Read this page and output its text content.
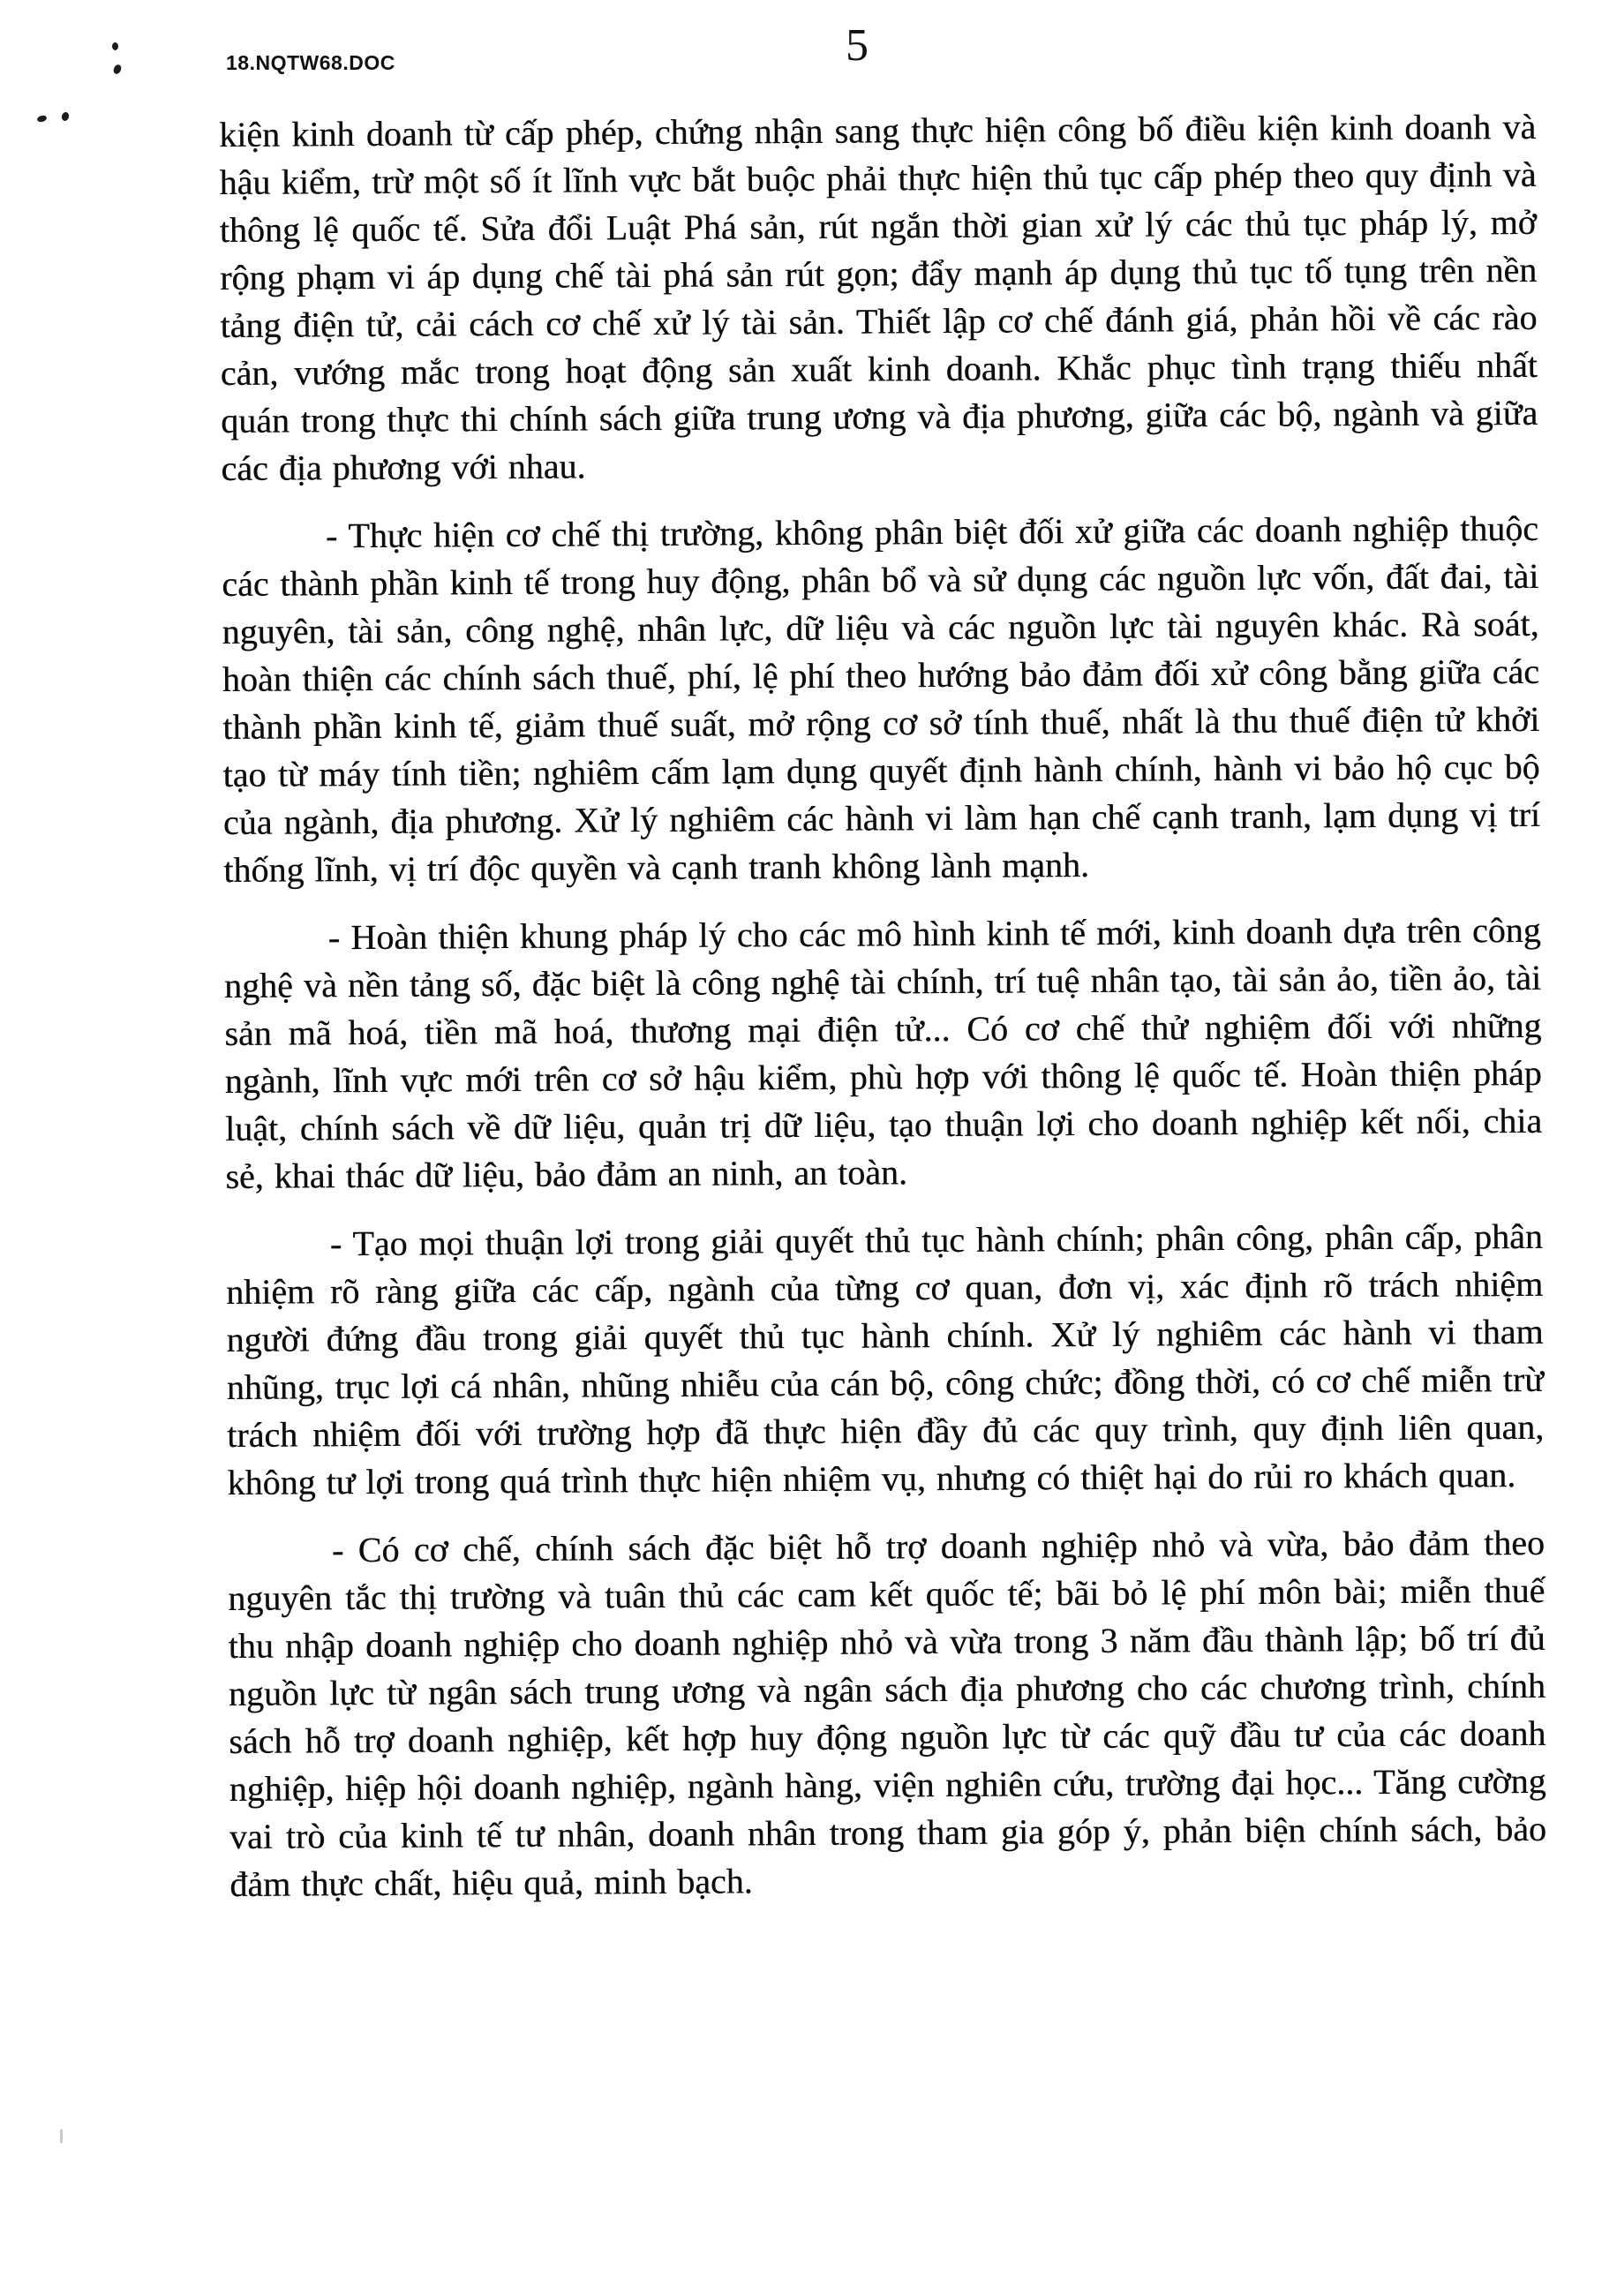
18.NQTW68.DOC	5

kiện kinh doanh từ cấp phép, chứng nhận sang thực hiện công bố điều kiện kinh doanh và hậu kiểm, trừ một số ít lĩnh vực bắt buộc phải thực hiện thủ tục cấp phép theo quy định và thông lệ quốc tế. Sửa đổi Luật Phá sản, rút ngắn thời gian xử lý các thủ tục pháp lý, mở rộng phạm vi áp dụng chế tài phá sản rút gọn; đẩy mạnh áp dụng thủ tục tố tụng trên nền tảng điện tử, cải cách cơ chế xử lý tài sản. Thiết lập cơ chế đánh giá, phản hồi về các rào cản, vướng mắc trong hoạt động sản xuất kinh doanh. Khắc phục tình trạng thiếu nhất quán trong thực thi chính sách giữa trung ương và địa phương, giữa các bộ, ngành và giữa các địa phương với nhau.

- Thực hiện cơ chế thị trường, không phân biệt đối xử giữa các doanh nghiệp thuộc các thành phần kinh tế trong huy động, phân bổ và sử dụng các nguồn lực vốn, đất đai, tài nguyên, tài sản, công nghệ, nhân lực, dữ liệu và các nguồn lực tài nguyên khác. Rà soát, hoàn thiện các chính sách thuế, phí, lệ phí theo hướng bảo đảm đối xử công bằng giữa các thành phần kinh tế, giảm thuế suất, mở rộng cơ sở tính thuế, nhất là thu thuế điện tử khởi tạo từ máy tính tiền; nghiêm cấm lạm dụng quyết định hành chính, hành vi bảo hộ cục bộ của ngành, địa phương. Xử lý nghiêm các hành vi làm hạn chế cạnh tranh, lạm dụng vị trí thống lĩnh, vị trí độc quyền và cạnh tranh không lành mạnh.

- Hoàn thiện khung pháp lý cho các mô hình kinh tế mới, kinh doanh dựa trên công nghệ và nền tảng số, đặc biệt là công nghệ tài chính, trí tuệ nhân tạo, tài sản ảo, tiền ảo, tài sản mã hoá, tiền mã hoá, thương mại điện tử... Có cơ chế thử nghiệm đối với những ngành, lĩnh vực mới trên cơ sở hậu kiểm, phù hợp với thông lệ quốc tế. Hoàn thiện pháp luật, chính sách về dữ liệu, quản trị dữ liệu, tạo thuận lợi cho doanh nghiệp kết nối, chia sẻ, khai thác dữ liệu, bảo đảm an ninh, an toàn.

- Tạo mọi thuận lợi trong giải quyết thủ tục hành chính; phân công, phân cấp, phân nhiệm rõ ràng giữa các cấp, ngành của từng cơ quan, đơn vị, xác định rõ trách nhiệm người đứng đầu trong giải quyết thủ tục hành chính. Xử lý nghiêm các hành vi tham nhũng, trục lợi cá nhân, nhũng nhiễu của cán bộ, công chức; đồng thời, có cơ chế miễn trừ trách nhiệm đối với trường hợp đã thực hiện đầy đủ các quy trình, quy định liên quan, không tư lợi trong quá trình thực hiện nhiệm vụ, nhưng có thiệt hại do rủi ro khách quan.

- Có cơ chế, chính sách đặc biệt hỗ trợ doanh nghiệp nhỏ và vừa, bảo đảm theo nguyên tắc thị trường và tuân thủ các cam kết quốc tế; bãi bỏ lệ phí môn bài; miễn thuế thu nhập doanh nghiệp cho doanh nghiệp nhỏ và vừa trong 3 năm đầu thành lập; bố trí đủ nguồn lực từ ngân sách trung ương và ngân sách địa phương cho các chương trình, chính sách hỗ trợ doanh nghiệp, kết hợp huy động nguồn lực từ các quỹ đầu tư của các doanh nghiệp, hiệp hội doanh nghiệp, ngành hàng, viện nghiên cứu, trường đại học... Tăng cường vai trò của kinh tế tư nhân, doanh nhân trong tham gia góp ý, phản biện chính sách, bảo đảm thực chất, hiệu quả, minh bạch.
